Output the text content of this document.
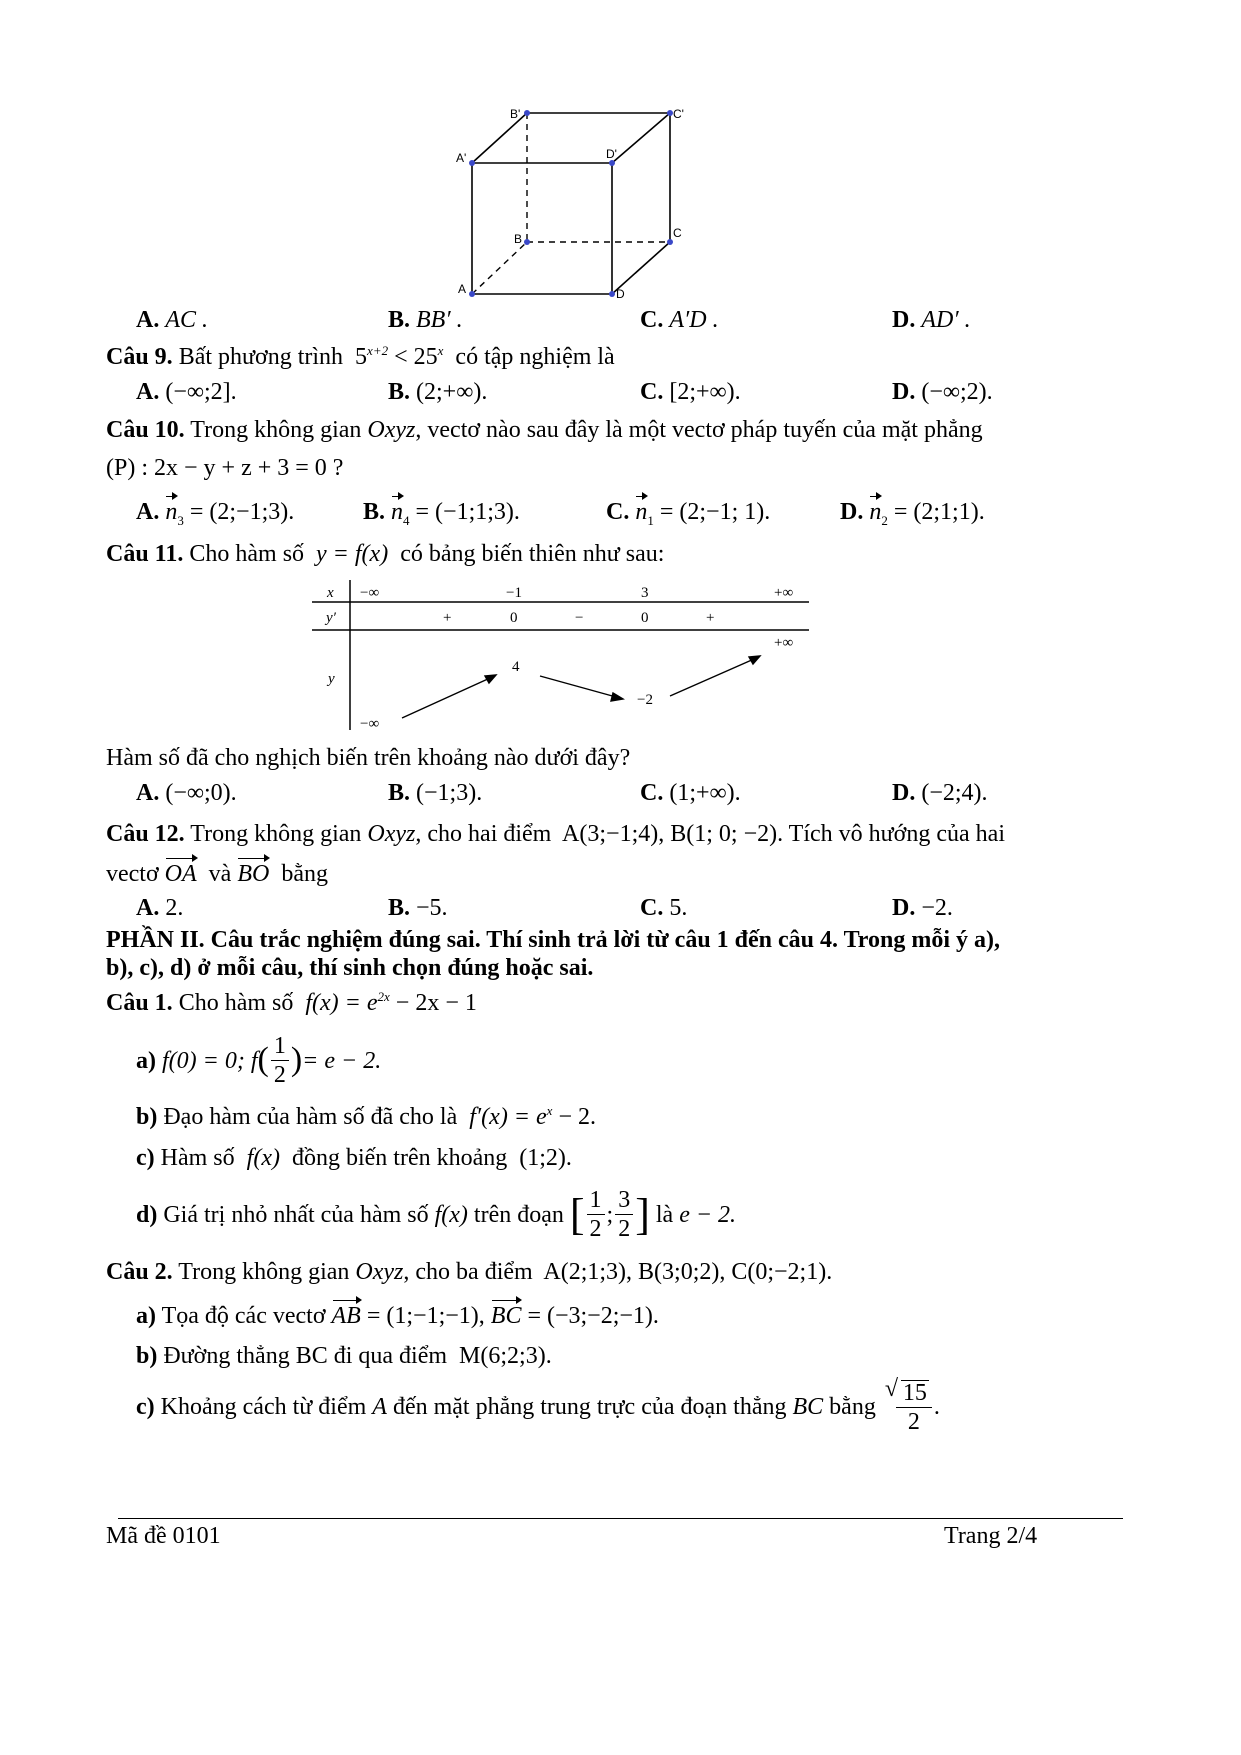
B'	C'
A'	D'
B	C
A	D
A. AC .	B. BB′ .	C. A′D .	D. AD′ .
Câu 9. Bất phương trình $5^{x+2} < 25^x$ có tập nghiệm là
A. (−∞;2].	B. (2;+∞).	C. [2;+∞).	D. (−∞;2).
Câu 10. Trong không gian Oxyz, vectơ nào sau đây là một vectơ pháp tuyến của mặt phẳng
(P) : 2x − y + z + 3 = 0 ?
A. $n_3$ = (2;−1;3).	B. $n_4$ = (−1;1;3).	C. $n_1$ = (2;−1; 1).	D. $n_2$ = (2;1;1).
Câu 11. Cho hàm số y = f(x) có bảng biến thiên như sau:
x
y′
y
−∞	−1	3	+∞
+	0	−	0	+
+∞
4
−2
−∞
Hàm số đã cho nghịch biến trên khoảng nào dưới đây?
A. (−∞;0).	B. (−1;3).	C. (1;+∞).	D. (−2;4).
Câu 12. Trong không gian Oxyz, cho hai điểm A(3;−1;4), B(1; 0; −2). Tích vô hướng của hai
vectơ OA và BO bằng
A. 2.	B. −5.	C. 5.	D. −2.
PHẦN II. Câu trắc nghiệm đúng sai. Thí sinh trả lời từ câu 1 đến câu 4. Trong mỗi ý a),
b), c), d) ở mỗi câu, thí sinh chọn đúng hoặc sai.
Câu 1. Cho hàm số $f(x) = e^{2x} - 2x - 1$
a)
f(0) = 0; f ( $\frac{1}{2}$ ) = e − 2.
b) Đạo hàm của hàm số đã cho là $f'(x) = e^x - 2$.
c) Hàm số f(x) đồng biến trên khoảng (1;2).
d)
Giá trị nhỏ nhất của hàm số
f(x)
trên đoạn
[ $\frac{1}{2}$ ; $\frac{3}{2}$ ]
là
e − 2.
Câu 2. Trong không gian Oxyz, cho ba điểm A(2;1;3), B(3;0;2), C(0;−2;1).
a) Tọa độ các vectơ AB = (1;−1;−1), BC = (−3;−2;−1).
b) Đường thẳng BC đi qua điểm M(6;2;3).
c)
Khoảng cách từ điểm
A
đến mặt phẳng trung trực của đoạn thẳng
BC
bằng

√ $\frac{15}{2}$ .
Mã đề 0101	Trang 2/4
